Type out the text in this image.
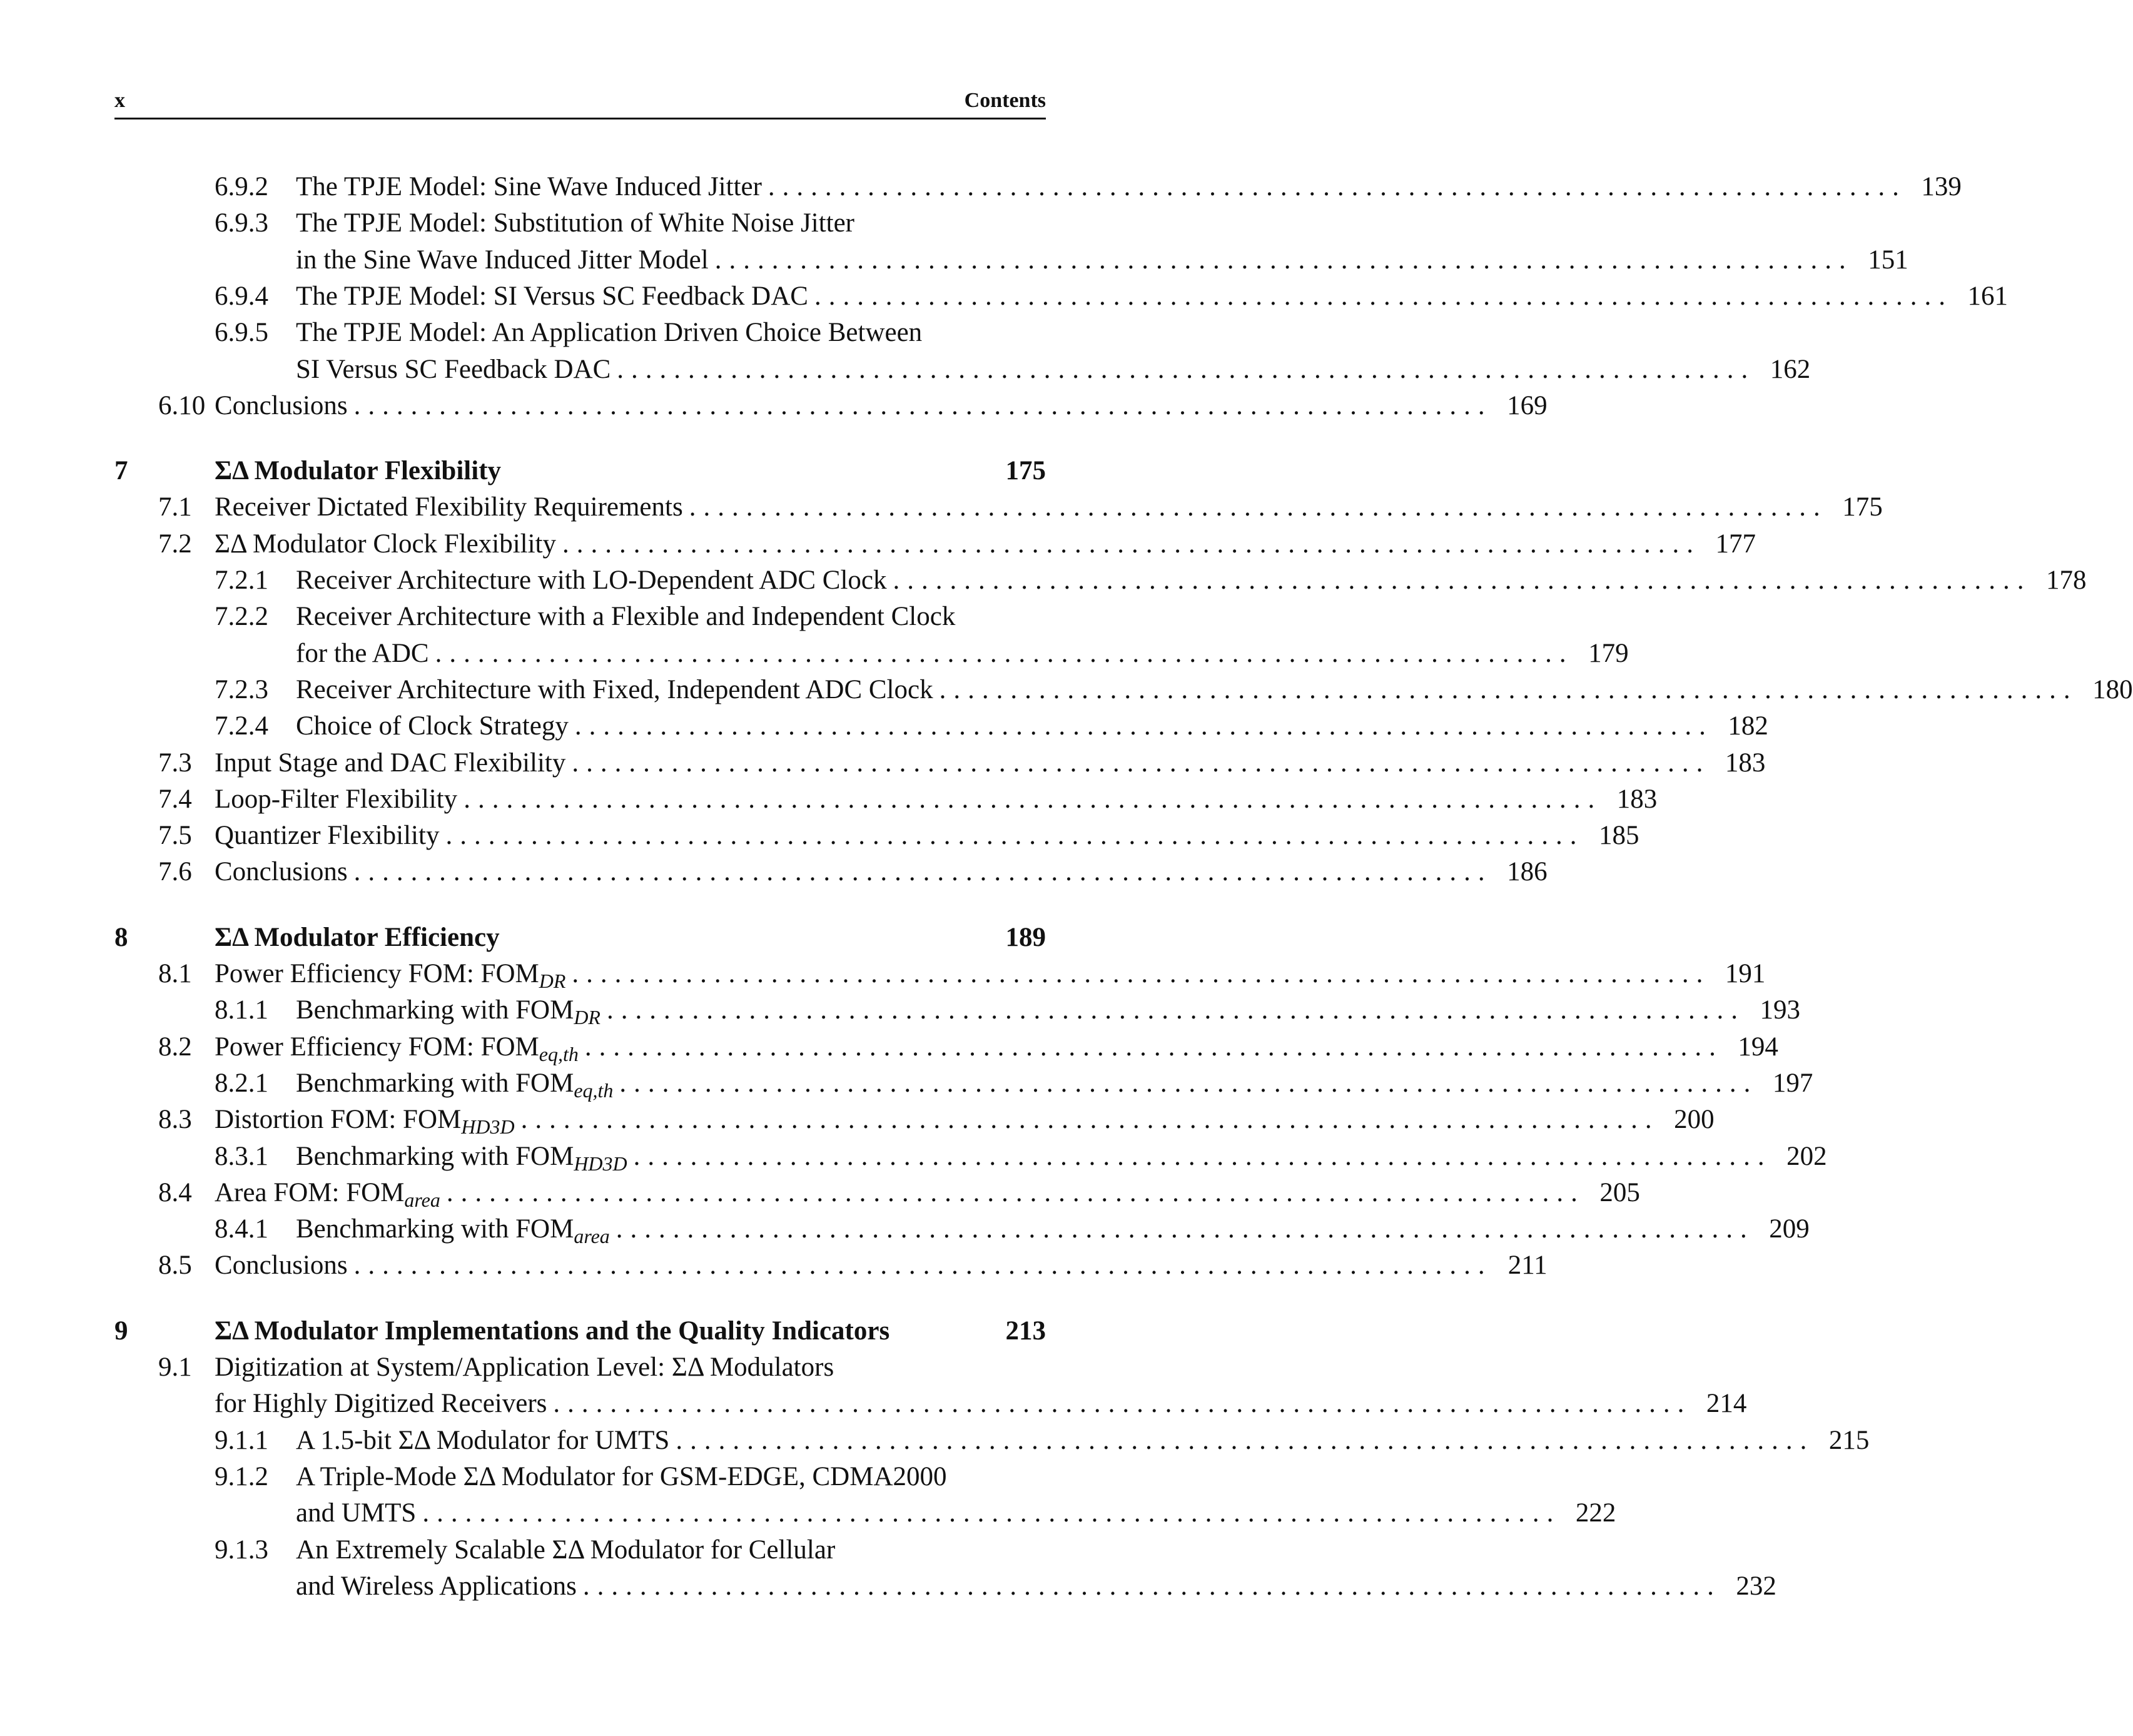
x	Contents
6.9.2 The TPJE Model: Sine Wave Induced Jitter ................................................................................ 139
6.9.3 The TPJE Model: Substitution of White Noise Jitter
in the Sine Wave Induced Jitter Model ................................................................................ 151
6.9.4 The TPJE Model: SI Versus SC Feedback DAC ................................................................................ 161
6.9.5 The TPJE Model: An Application Driven Choice Between
SI Versus SC Feedback DAC ................................................................................ 162
6.10 Conclusions ................................................................................ 169
7	ΣΔ Modulator Flexibility	175
7.1 Receiver Dictated Flexibility Requirements ................................................................................ 175
7.2 ΣΔ Modulator Clock Flexibility ................................................................................ 177
7.2.1 Receiver Architecture with LO-Dependent ADC Clock ................................................................................ 178
7.2.2 Receiver Architecture with a Flexible and Independent Clock
for the ADC ................................................................................ 179
7.2.3 Receiver Architecture with Fixed, Independent ADC Clock ................................................................................ 180
7.2.4 Choice of Clock Strategy ................................................................................ 182
7.3 Input Stage and DAC Flexibility ................................................................................ 183
7.4 Loop-Filter Flexibility ................................................................................ 183
7.5 Quantizer Flexibility ................................................................................ 185
7.6 Conclusions ................................................................................ 186
8	ΣΔ Modulator Efficiency	189
8.1 Power Efficiency FOM: $FOM_{DR}$ ................................................................................ 191
8.1.1 Benchmarking with $FOM_{DR}$ ................................................................................ 193
8.2 Power Efficiency FOM: $FOM_{eq,th}$ ................................................................................ 194
8.2.1 Benchmarking with $FOM_{eq,th}$ ................................................................................ 197
8.3 Distortion FOM: $FOM_{HD3D}$ ................................................................................ 200
8.3.1 Benchmarking with $FOM_{HD3D}$ ................................................................................ 202
8.4 Area FOM: $FOM_{area}$ ................................................................................ 205
8.4.1 Benchmarking with $FOM_{area}$ ................................................................................ 209
8.5 Conclusions ................................................................................ 211
9	ΣΔ Modulator Implementations and the Quality Indicators	213
9.1 Digitization at System/Application Level: ΣΔ Modulators
for Highly Digitized Receivers ................................................................................ 214
9.1.1 A 1.5-bit ΣΔ Modulator for UMTS ................................................................................ 215
9.1.2 A Triple-Mode ΣΔ Modulator for GSM-EDGE, CDMA2000
and UMTS ................................................................................ 222
9.1.3 An Extremely Scalable ΣΔ Modulator for Cellular
and Wireless Applications ................................................................................ 232
